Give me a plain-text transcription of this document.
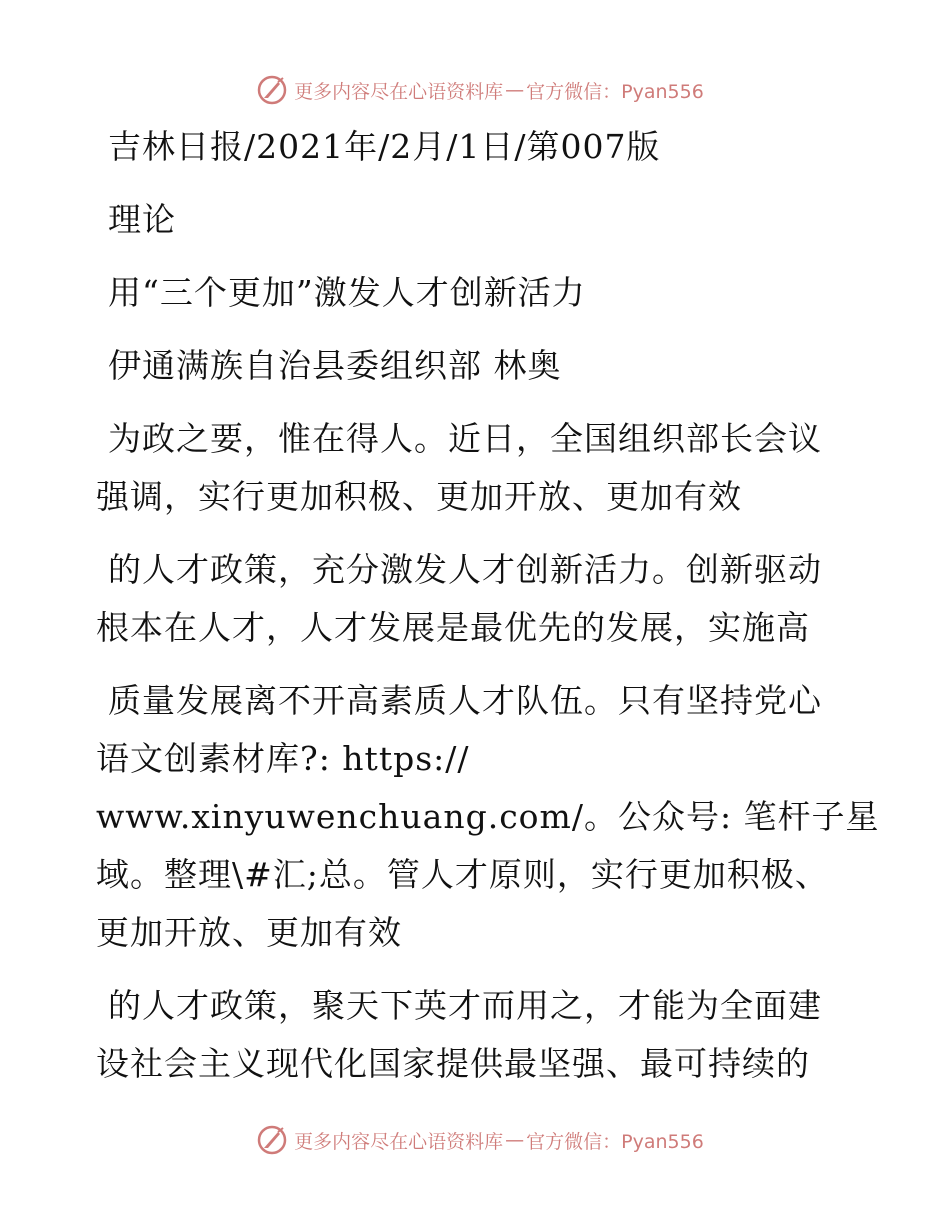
更多内容尽在心语资料库 — 官方微信：Pyan556
吉林日报/2021年/2月/1日/第007版
理论
用“三个更加”激发人才创新活力
伊通满族自治县委组织部 林奥
为政之要，惟在得人。近日，全国组织部长会议
强调，实行更加积极、更加开放、更加有效
的人才政策，充分激发人才创新活力。创新驱动
根本在人才，人才发展是最优先的发展，实施高
质量发展离不开高素质人才队伍。只有坚持党心
语文创素材库?: https://
www.xinyuwenchuang.com/。公众号: 笔杆子星
域。整理\#汇;总。管人才原则，实行更加积极、
更加开放、更加有效
的人才政策，聚天下英才而用之，才能为全面建
设社会主义现代化国家提供最坚强、最可持续的
更多内容尽在心语资料库 — 官方微信：Pyan556
